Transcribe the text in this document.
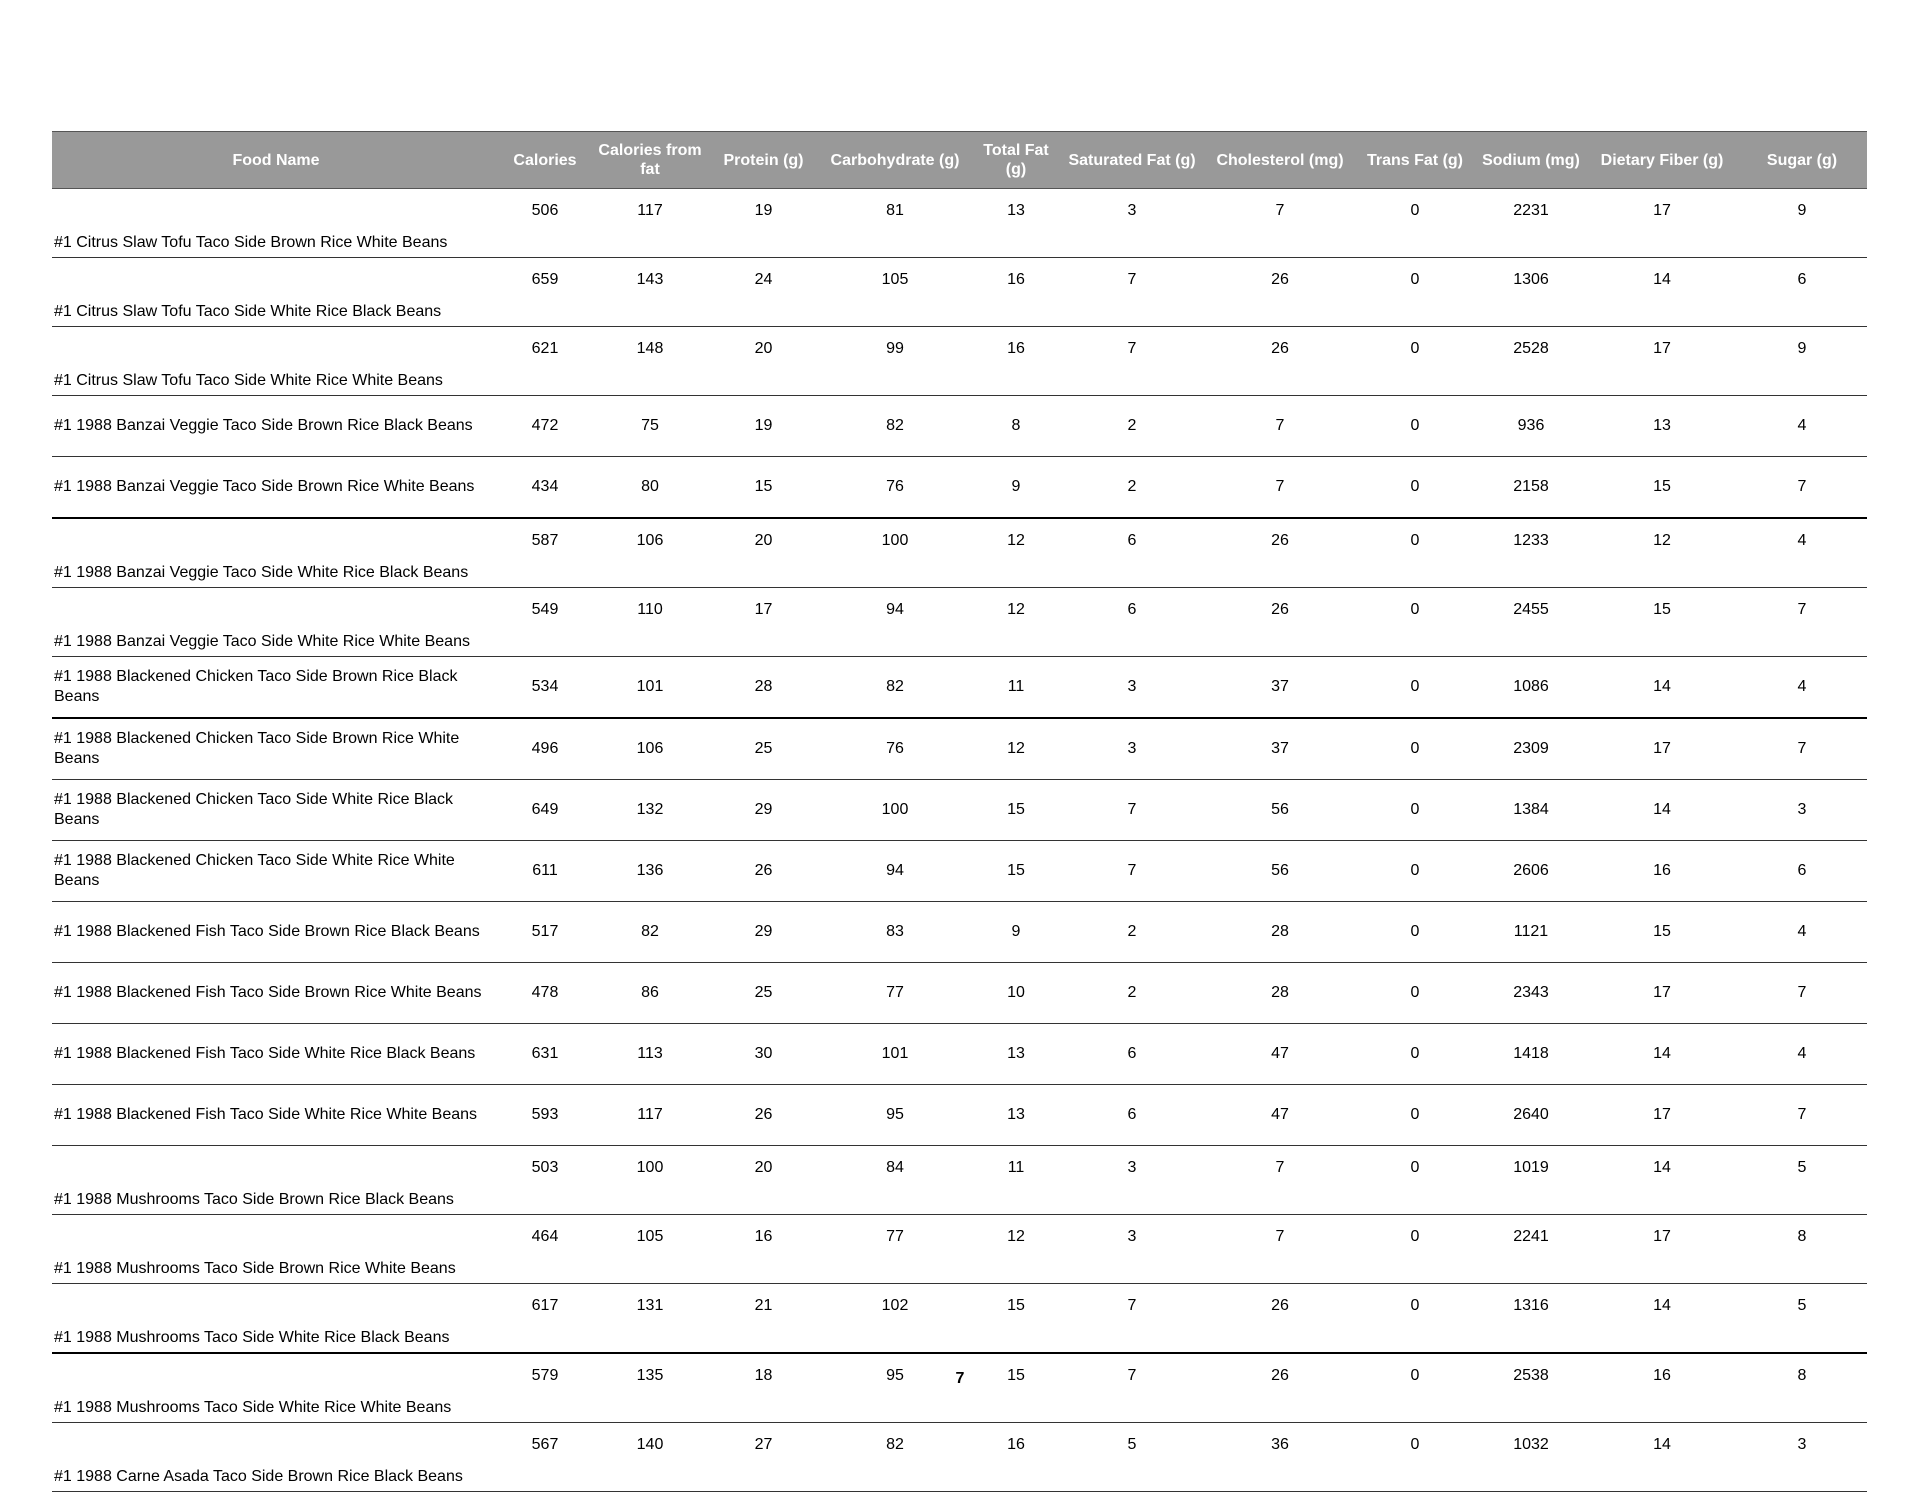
Food Name	Calories	Calories from fat	Protein (g)	Carbohydrate (g)	Total Fat (g)	Saturated Fat (g)	Cholesterol (mg)	Trans Fat (g)	Sodium (mg)	Dietary Fiber (g)	Sugar (g)
#1 Citrus Slaw Tofu Taco Side Brown Rice White Beans	506	117	19	81	13	3	7	0	2231	17	9
#1 Citrus Slaw Tofu Taco Side White Rice Black Beans	659	143	24	105	16	7	26	0	1306	14	6
#1 Citrus Slaw Tofu Taco Side White Rice White Beans	621	148	20	99	16	7	26	0	2528	17	9
#1 1988 Banzai Veggie Taco Side Brown Rice Black Beans	472	75	19	82	8	2	7	0	936	13	4
#1 1988 Banzai Veggie Taco Side Brown Rice White Beans	434	80	15	76	9	2	7	0	2158	15	7
#1 1988 Banzai Veggie Taco Side White Rice Black Beans	587	106	20	100	12	6	26	0	1233	12	4
#1 1988 Banzai Veggie Taco Side White Rice White Beans	549	110	17	94	12	6	26	0	2455	15	7
#1 1988 Blackened Chicken Taco Side Brown Rice Black Beans	534	101	28	82	11	3	37	0	1086	14	4
#1 1988 Blackened Chicken Taco Side Brown Rice White Beans	496	106	25	76	12	3	37	0	2309	17	7
#1 1988 Blackened Chicken Taco Side White Rice Black Beans	649	132	29	100	15	7	56	0	1384	14	3
#1 1988 Blackened Chicken Taco Side White Rice White Beans	611	136	26	94	15	7	56	0	2606	16	6
#1 1988 Blackened Fish Taco Side Brown Rice Black Beans	517	82	29	83	9	2	28	0	1121	15	4
#1 1988 Blackened Fish Taco Side Brown Rice White Beans	478	86	25	77	10	2	28	0	2343	17	7
#1 1988 Blackened Fish Taco Side White Rice Black Beans	631	113	30	101	13	6	47	0	1418	14	4
#1 1988 Blackened Fish Taco Side White Rice White Beans	593	117	26	95	13	6	47	0	2640	17	7
#1 1988 Mushrooms Taco Side Brown Rice Black Beans	503	100	20	84	11	3	7	0	1019	14	5
#1 1988 Mushrooms Taco Side Brown Rice White Beans	464	105	16	77	12	3	7	0	2241	17	8
#1 1988 Mushrooms Taco Side White Rice Black Beans	617	131	21	102	15	7	26	0	1316	14	5
#1 1988 Mushrooms Taco Side White Rice White Beans	579	135	18	95	15	7	26	0	2538	16	8
#1 1988 Carne Asada Taco Side Brown Rice Black Beans	567	140	27	82	16	5	36	0	1032	14	3
7
